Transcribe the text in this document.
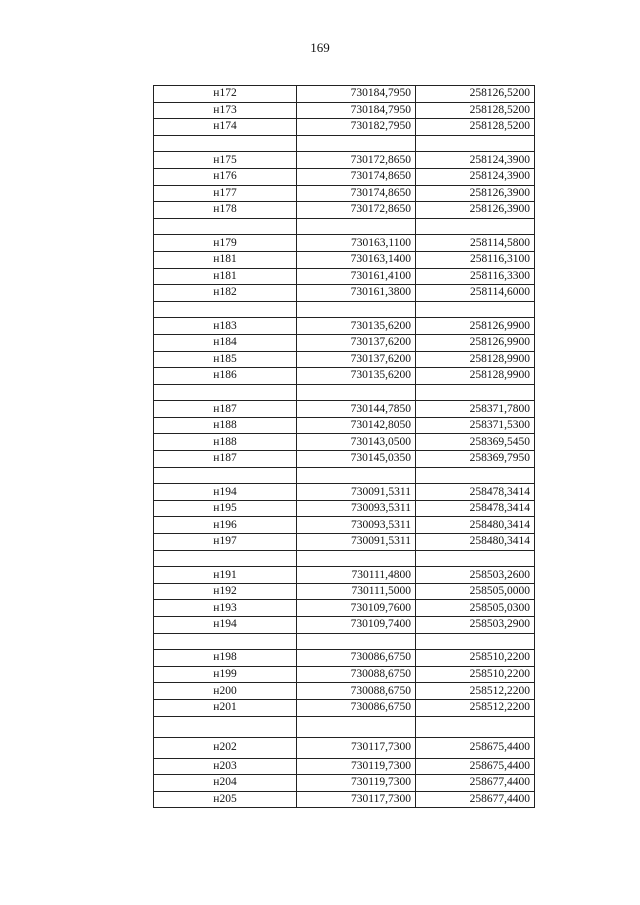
169
н172	730184,7950	258126,5200
н173	730184,7950	258128,5200
н174	730182,7950	258128,5200

н175	730172,8650	258124,3900
н176	730174,8650	258124,3900
н177	730174,8650	258126,3900
н178	730172,8650	258126,3900

н179	730163,1100	258114,5800
н181	730163,1400	258116,3100
н181	730161,4100	258116,3300
н182	730161,3800	258114,6000

н183	730135,6200	258126,9900
н184	730137,6200	258126,9900
н185	730137,6200	258128,9900
н186	730135,6200	258128,9900

н187	730144,7850	258371,7800
н188	730142,8050	258371,5300
н188	730143,0500	258369,5450
н187	730145,0350	258369,7950

н194	730091,5311	258478,3414
н195	730093,5311	258478,3414
н196	730093,5311	258480,3414
н197	730091,5311	258480,3414

н191	730111,4800	258503,2600
н192	730111,5000	258505,0000
н193	730109,7600	258505,0300
н194	730109,7400	258503,2900

н198	730086,6750	258510,2200
н199	730088,6750	258510,2200
н200	730088,6750	258512,2200
н201	730086,6750	258512,2200

н202	730117,7300	258675,4400
н203	730119,7300	258675,4400
н204	730119,7300	258677,4400
н205	730117,7300	258677,4400
